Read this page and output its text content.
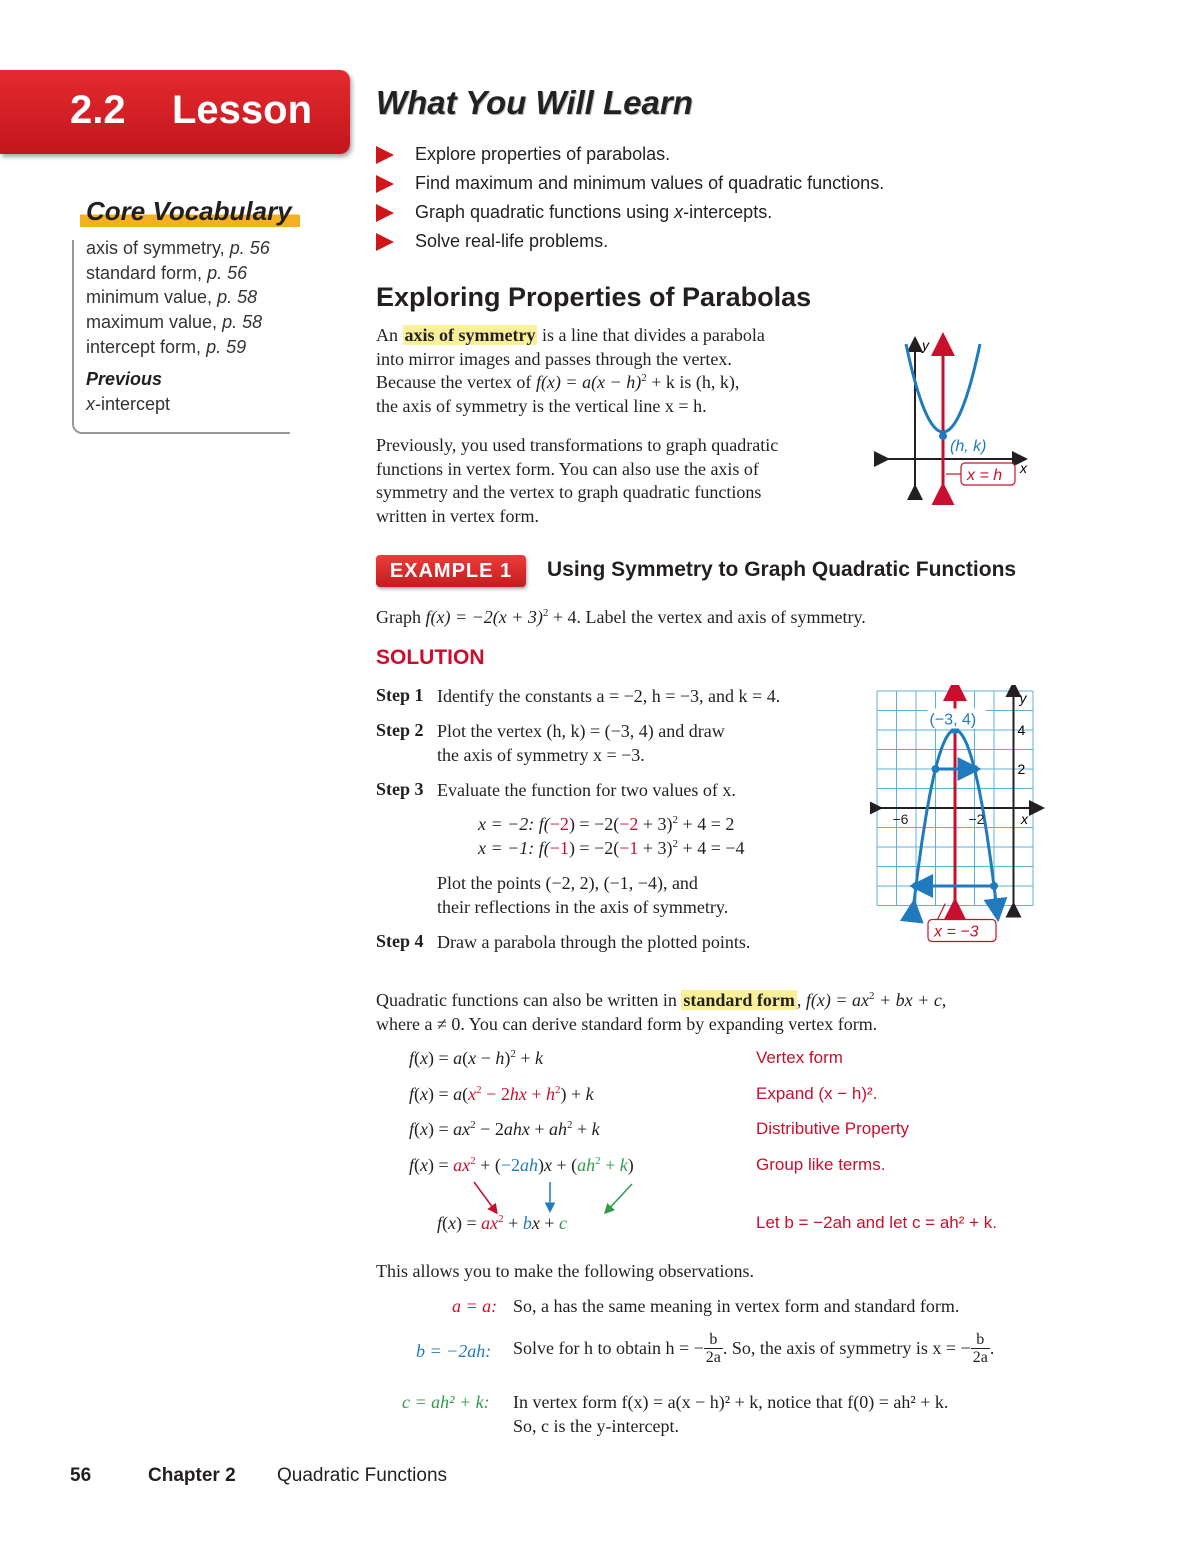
2.2 Lesson
Core Vocabulary
axis of symmetry, p. 56
standard form, p. 56
minimum value, p. 58
maximum value, p. 58
intercept form, p. 59
Previous
x-intercept
What You Will Learn
Explore properties of parabolas.
Find maximum and minimum values of quadratic functions.
Graph quadratic functions using x-intercepts.
Solve real-life problems.
Exploring Properties of Parabolas
An axis of symmetry is a line that divides a parabola
into mirror images and passes through the vertex.
Because the vertex of $f(x) = a(x - h)^2 + k$ is (h, k),
the axis of symmetry is the vertical line x = h.
Previously, you used transformations to graph quadratic
functions in vertex form. You can also use the axis of
symmetry and the vertex to graph quadratic functions
written in vertex form.
y
x
(h, k)
x = h
EXAMPLE 1	Using Symmetry to Graph Quadratic Functions
Graph $f(x) = -2(x + 3)^2 + 4$. Label the vertex and axis of symmetry.
SOLUTION
Step 1 Identify the constants a = −2, h = −3, and k = 4.
Step 2 Plot the vertex (h, k) = (−3, 4) and draw
the axis of symmetry x = −3.
Step 3 Evaluate the function for two values of x.
x = −2: $f(-2) = -2(-2 + 3)^2 + 4 = 2$
x = −1: $f(-1) = -2(-1 + 3)^2 + 4 = -4$
Plot the points (−2, 2), (−1, −4), and
their reflections in the axis of symmetry.
Step 4 Draw a parabola through the plotted points.
y
x
−6	−2
4
2
(−3, 4)
x = −3
Quadratic functions can also be written in standard form , $f(x) = ax^2$ + bx + c,
where a ≠ 0. You can derive standard form by expanding vertex form.
$f(x) = a(x - h)^2 + k$	Vertex form
$f(x) = a(x^2 - 2hx + h^2) + k$	Expand (x − h)².
$f(x) = ax^2 - 2ahx + ah^2 + k$	Distributive Property
$f(x) = ax^2 + (-2ah)x + (ah^2 + k)$	Group like terms.
$f(x) = ax^2$ + bx + c	Let b = −2ah and let c = ah² + k.
This allows you to make the following observations.
a = a: So, a has the same meaning in vertex form and standard form.
b = −2ah: Solve for h to obtain h = − $\frac{b}{2a}$ . So, the axis of symmetry is x = − $\frac{b}{2a}$ .
c = ah² + k: In vertex form f(x) = a(x − h)² + k, notice that f(0) = ah² + k.
So, c is the y-intercept.
56	Chapter 2 Quadratic Functions
